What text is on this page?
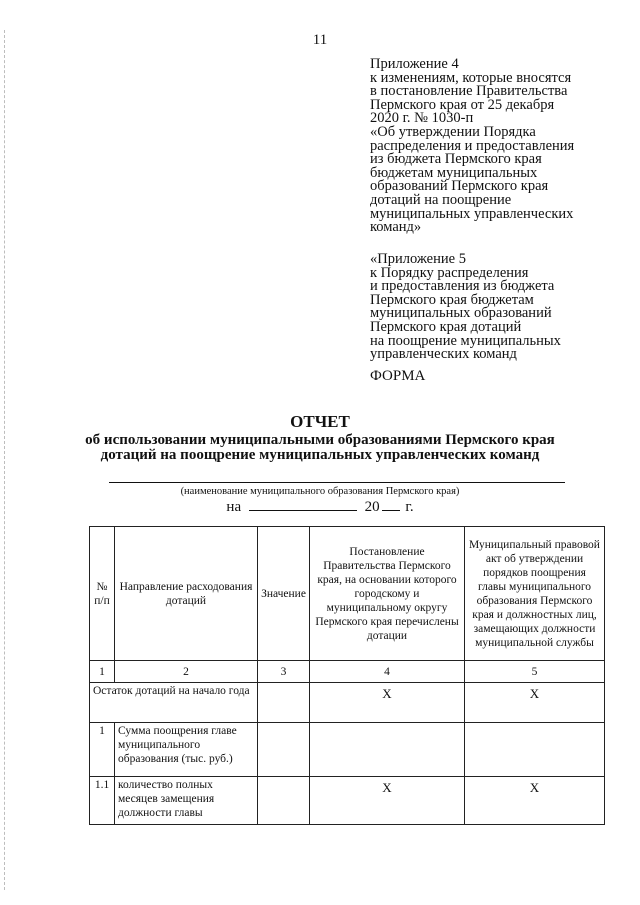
11
Приложение 4
к изменениям, которые вносятся
в постановление Правительства
Пермского края от 25 декабря
2020 г. № 1030-п
«Об утверждении Порядка
распределения и предоставления
из бюджета Пермского края
бюджетам муниципальных
образований Пермского края
дотаций на поощрение
муниципальных управленческих
команд»
«Приложение 5
к Порядку распределения
и предоставления из бюджета
Пермского края бюджетам
муниципальных образований
Пермского края дотаций
на поощрение муниципальных
управленческих команд
ФОРМА
ОТЧЕТ
об использовании муниципальными образованиями Пермского края
дотаций на поощрение муниципальных управленческих команд
(наименование муниципального образования Пермского края)
на	20 г.
№ п/п	Направление расходования дотаций	Значение	Постановление Правительства Пермского края, на основании которого городскому и муниципальному округу Пермского края перечислены дотации	Муниципальный правовой акт об утверждении порядков поощрения главы муниципального образования Пермского края и должностных лиц, замещающих должности муниципальной службы
1	2	3	4	5
Остаток дотаций на начало года			X	X
1	Сумма поощрения главе муниципального образования (тыс. руб.)			
1.1	количество полных месяцев замещения должности главы		X	X
